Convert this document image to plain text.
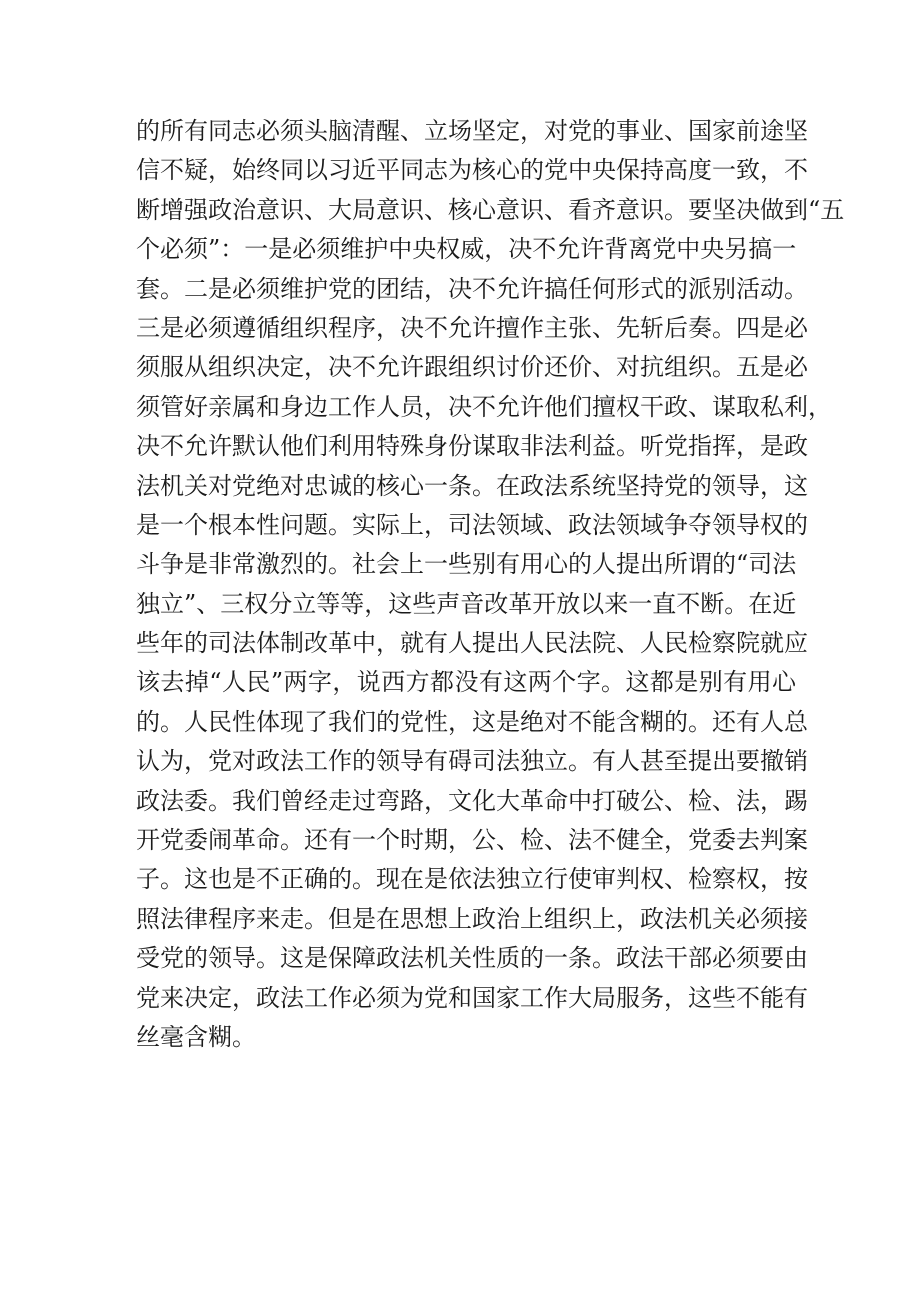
的所有同志必须头脑清醒、立场坚定，对党的事业、国家前途坚
信不疑，始终同以习近平同志为核心的党中央保持高度一致，不
断增强政治意识、大局意识、核心意识、看齐意识。要坚决做到“五
个必须”：一是必须维护中央权威，决不允许背离党中央另搞一
套。二是必须维护党的团结，决不允许搞任何形式的派别活动。
三是必须遵循组织程序，决不允许擅作主张、先斩后奏。四是必
须服从组织决定，决不允许跟组织讨价还价、对抗组织。五是必
须管好亲属和身边工作人员，决不允许他们擅权干政、谋取私利，
决不允许默认他们利用特殊身份谋取非法利益。听党指挥，是政
法机关对党绝对忠诚的核心一条。在政法系统坚持党的领导，这
是一个根本性问题。实际上，司法领域、政法领域争夺领导权的
斗争是非常激烈的。社会上一些别有用心的人提出所谓的“司法
独立”、三权分立等等，这些声音改革开放以来一直不断。在近
些年的司法体制改革中，就有人提出人民法院、人民检察院就应
该去掉“人民”两字，说西方都没有这两个字。这都是别有用心
的。人民性体现了我们的党性，这是绝对不能含糊的。还有人总
认为，党对政法工作的领导有碍司法独立。有人甚至提出要撤销
政法委。我们曾经走过弯路，文化大革命中打破公、检、法，踢
开党委闹革命。还有一个时期，公、检、法不健全，党委去判案
子。这也是不正确的。现在是依法独立行使审判权、检察权，按
照法律程序来走。但是在思想上政治上组织上，政法机关必须接
受党的领导。这是保障政法机关性质的一条。政法干部必须要由
党来决定，政法工作必须为党和国家工作大局服务，这些不能有
丝毫含糊。
